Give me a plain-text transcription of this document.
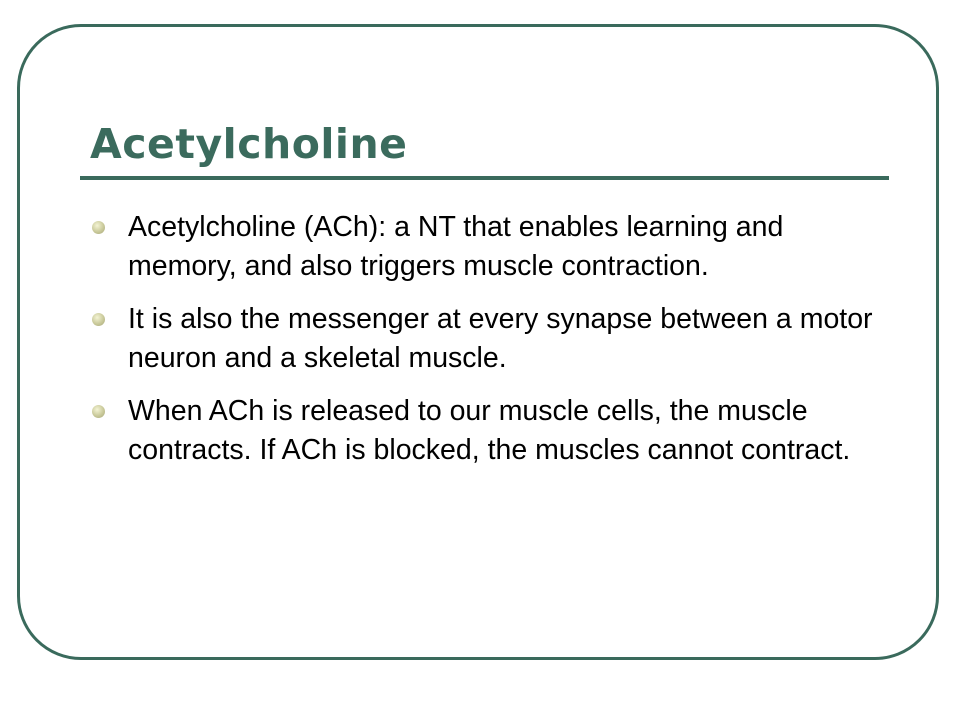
Acetylcholine
Acetylcholine (ACh): a NT that enables learning and memory, and also triggers muscle contraction.
It is also the messenger at every synapse between a motor neuron and a skeletal muscle.
When ACh is released to our muscle cells, the muscle contracts. If ACh is blocked, the muscles cannot contract.
